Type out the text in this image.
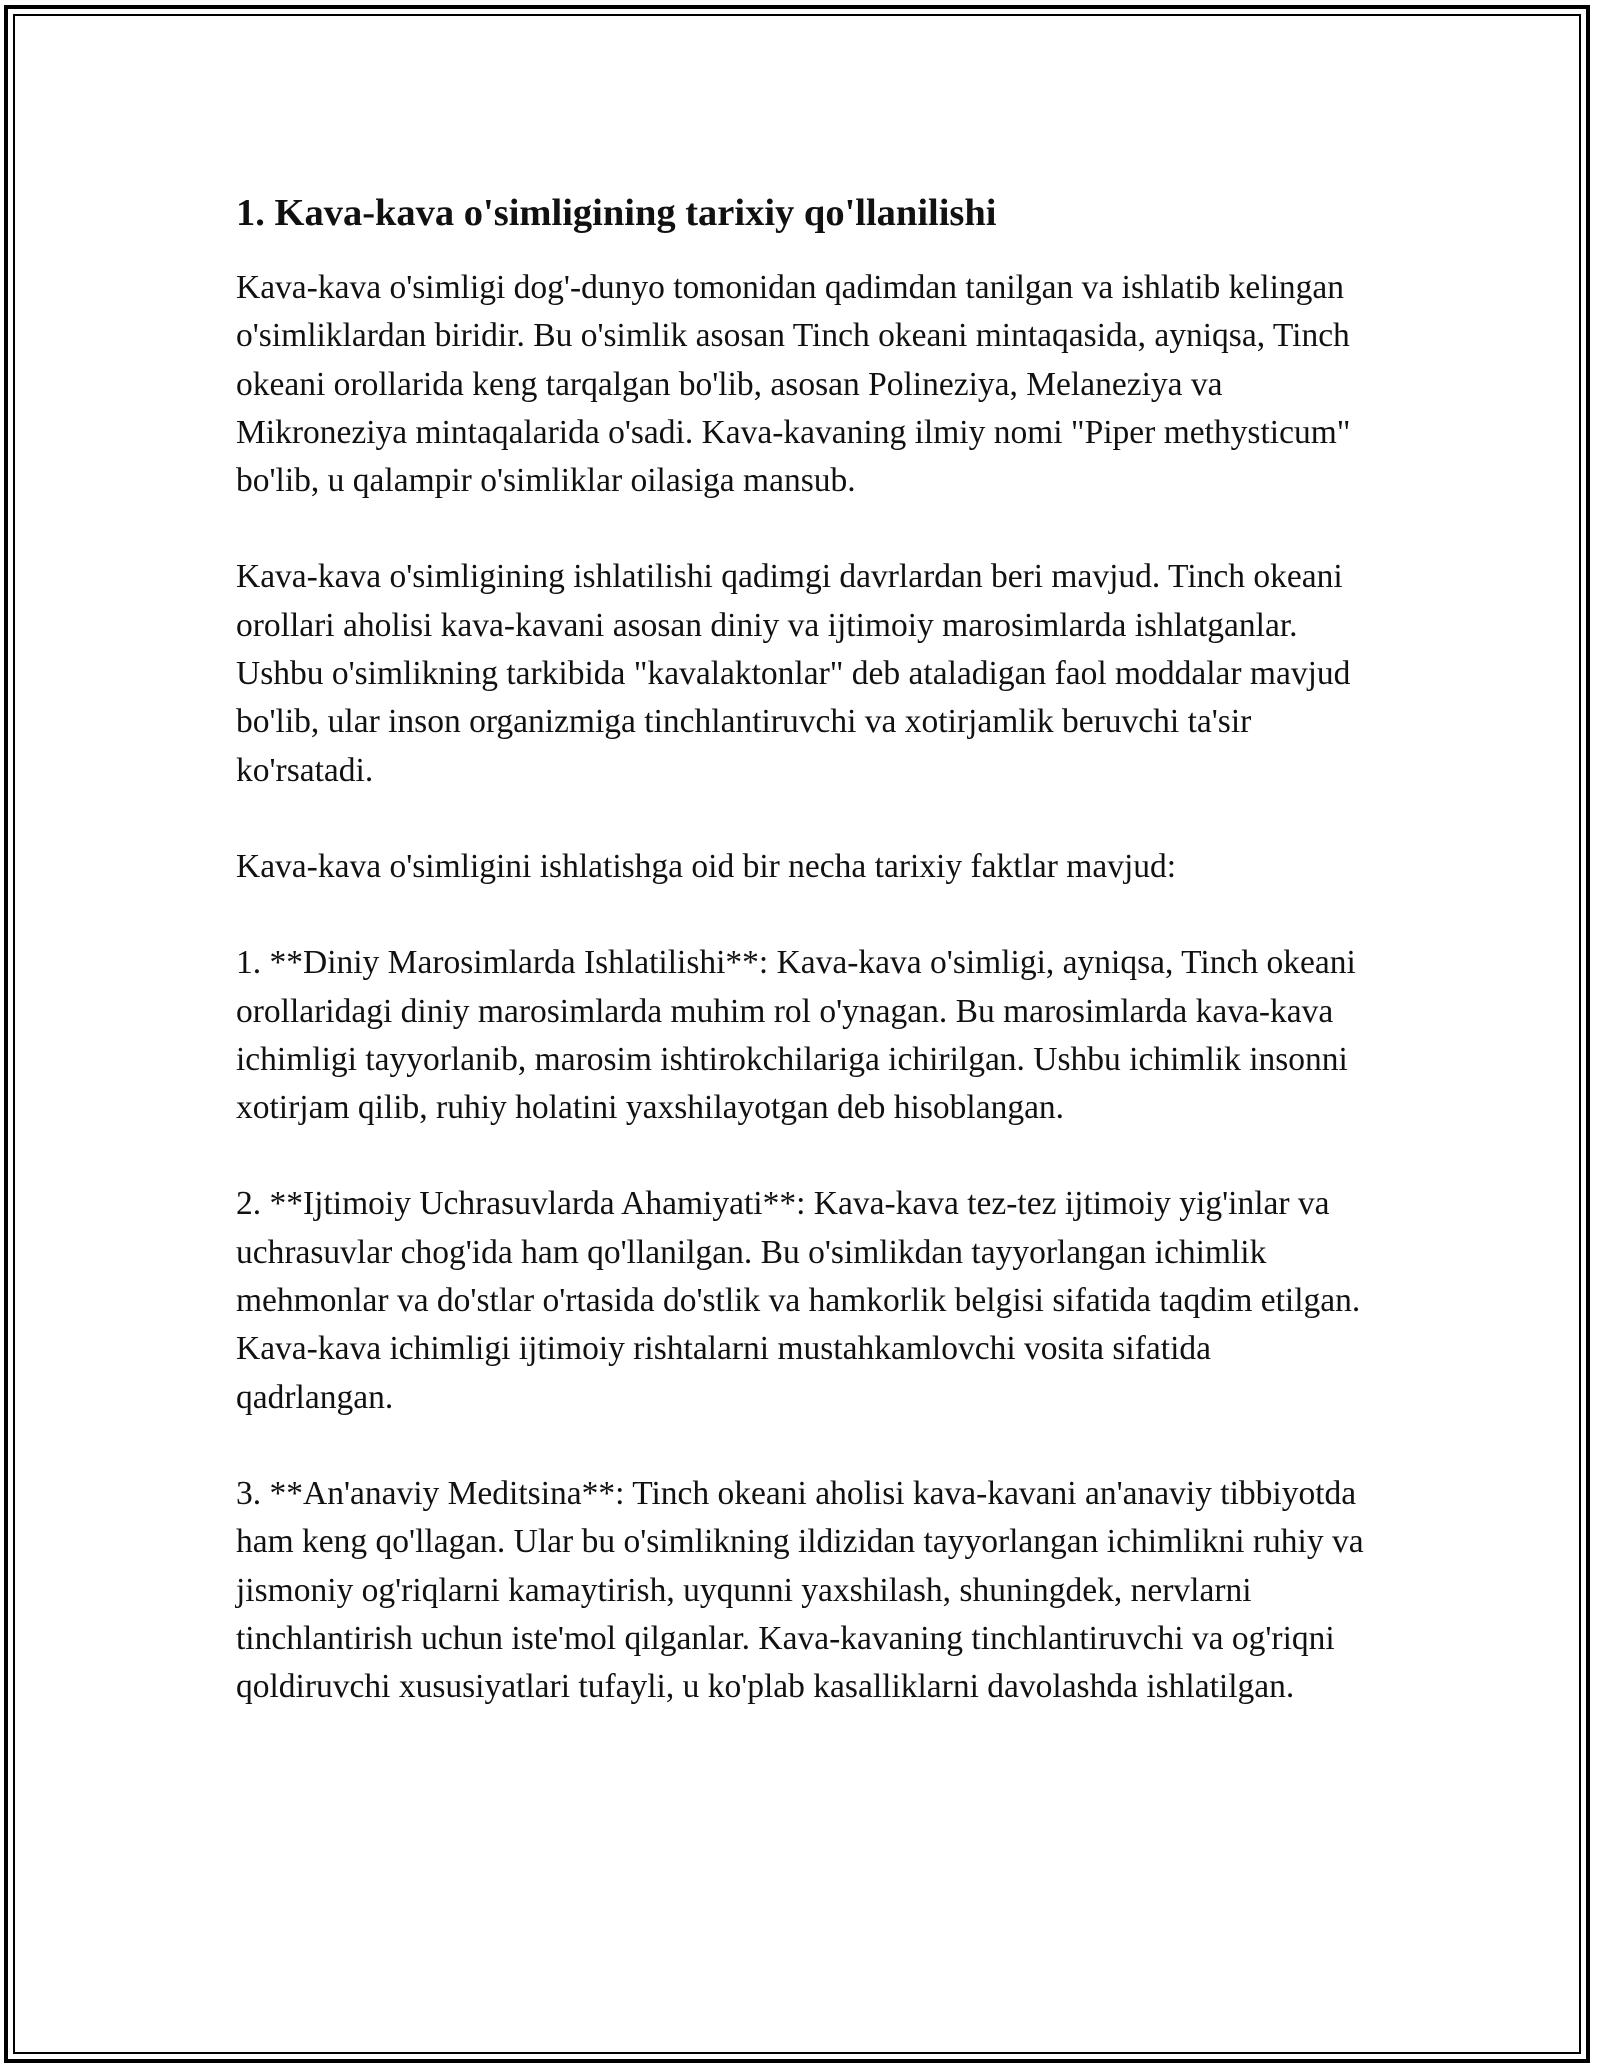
1. Kava-kava o'simligining tarixiy qo'llanilishi

Kava-kava o'simligi dog'-dunyo tomonidan qadimdan tanilgan va ishlatib kelingan o'simliklardan biridir. Bu o'simlik asosan Tinch okeani mintaqasida, ayniqsa, Tinch okeani orollarida keng tarqalgan bo'lib, asosan Polineziya, Melaneziya va Mikroneziya mintaqalarida o'sadi. Kava-kavaning ilmiy nomi "Piper methysticum" bo'lib, u qalampir o'simliklar oilasiga mansub.

Kava-kava o'simligining ishlatilishi qadimgi davrlardan beri mavjud. Tinch okeani orollari aholisi kava-kavani asosan diniy va ijtimoiy marosimlarda ishlatganlar. Ushbu o'simlikning tarkibida "kavalaktonlar" deb ataladigan faol moddalar mavjud bo'lib, ular inson organizmiga tinchlantiruvchi va xotirjamlik beruvchi ta'sir ko'rsatadi.

Kava-kava o'simligini ishlatishga oid bir necha tarixiy faktlar mavjud:

1. **Diniy Marosimlarda Ishlatilishi**: Kava-kava o'simligi, ayniqsa, Tinch okeani orollaridagi diniy marosimlarda muhim rol o'ynagan. Bu marosimlarda kava-kava ichimligi tayyorlanib, marosim ishtirokchilariga ichirilgan. Ushbu ichimlik insonni xotirjam qilib, ruhiy holatini yaxshilayotgan deb hisoblangan.

2. **Ijtimoiy Uchrasuvlarda Ahamiyati**: Kava-kava tez-tez ijtimoiy yig'inlar va uchrasuvlar chog'ida ham qo'llanilgan. Bu o'simlikdan tayyorlangan ichimlik mehmonlar va do'stlar o'rtasida do'stlik va hamkorlik belgisi sifatida taqdim etilgan. Kava-kava ichimligi ijtimoiy rishtalarni mustahkamlovchi vosita sifatida qadrlangan.

3. **An'anaviy Meditsina**: Tinch okeani aholisi kava-kavani an'anaviy tibbiyotda ham keng qo'llagan. Ular bu o'simlikning ildizidan tayyorlangan ichimlikni ruhiy va jismoniy og'riqlarni kamaytirish, uyqunni yaxshilash, shuningdek, nervlarni tinchlantirish uchun iste'mol qilganlar. Kava-kavaning tinchlantiruvchi va og'riqni qoldiruvchi xususiyatlari tufayli, u ko'plab kasalliklarni davolashda ishlatilgan.
